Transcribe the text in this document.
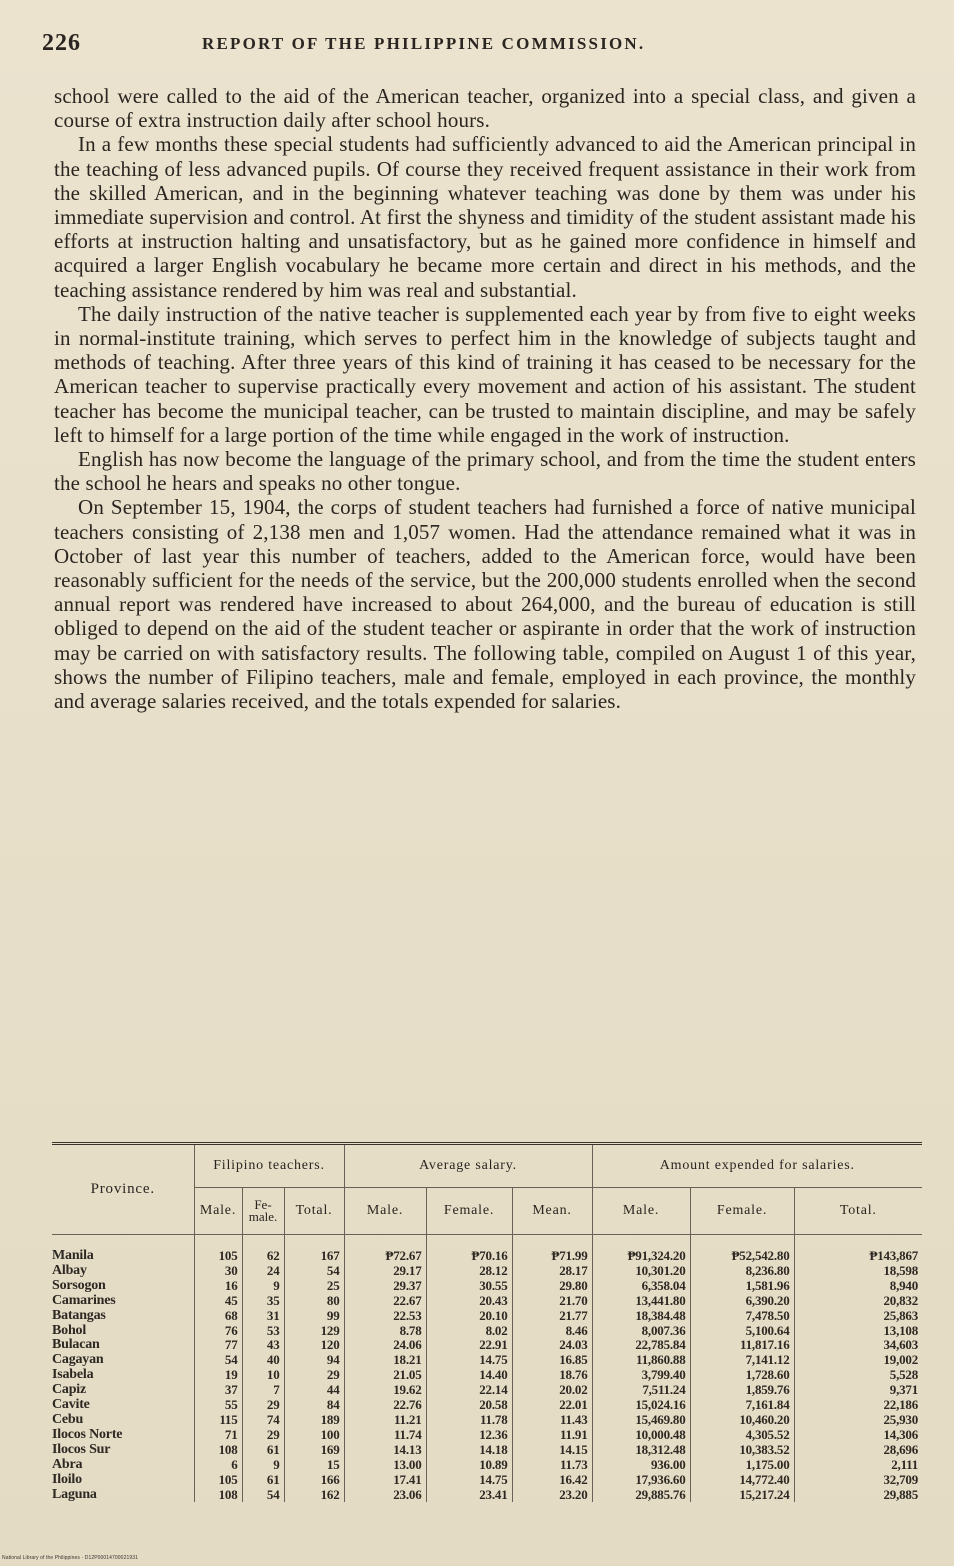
226	REPORT OF THE PHILIPPINE COMMISSION.

school were called to the aid of the American teacher, organized into a special class, and given a course of extra instruction daily after school hours.

In a few months these special students had sufficiently advanced to aid the American principal in the teaching of less advanced pupils. Of course they received frequent assistance in their work from the skilled American, and in the beginning whatever teaching was done by them was under his immediate supervision and control. At first the shyness and timidity of the student assistant made his efforts at instruction halting and unsatisfactory, but as he gained more confidence in himself and acquired a larger English vocabulary he became more certain and direct in his methods, and the teaching assistance rendered by him was real and substantial.

The daily instruction of the native teacher is supplemented each year by from five to eight weeks in normal-institute training, which serves to perfect him in the knowledge of subjects taught and methods of teaching. After three years of this kind of training it has ceased to be necessary for the American teacher to supervise practically every movement and action of his assistant. The student teacher has become the municipal teacher, can be trusted to maintain discipline, and may be safely left to himself for a large portion of the time while engaged in the work of instruction.

English has now become the language of the primary school, and from the time the student enters the school he hears and speaks no other tongue.

On September 15, 1904, the corps of student teachers had furnished a force of native municipal teachers consisting of 2,138 men and 1,057 women. Had the attendance remained what it was in October of last year this number of teachers, added to the American force, would have been reasonably sufficient for the needs of the service, but the 200,000 students enrolled when the second annual report was rendered have increased to about 264,000, and the bureau of education is still obliged to depend on the aid of the student teacher or aspirante in order that the work of instruction may be carried on with satisfactory results. The following table, compiled on August 1 of this year, shows the number of Filipino teachers, male and female, employed in each province, the monthly and average salaries received, and the totals expended for salaries.

Province.	Filipino teachers.			Average salary.			Amount expended for salaries.		
	Male.	Fe-male.	Total.	Male.	Female.	Mean.	Male.	Female.	Total.
Manila	105	62	167	₱72.67	₱70.16	₱71.99	₱91,324.20	₱52,542.80	₱143,867
Albay	30	24	54	29.17	28.12	28.17	10,301.20	8,236.80	18,598
Sorsogon	16	9	25	29.37	30.55	29.80	6,358.04	1,581.96	8,940
Camarines	45	35	80	22.67	20.43	21.70	13,441.80	6,390.20	20,832
Batangas	68	31	99	22.53	20.10	21.77	18,384.48	7,478.50	25,863
Bohol	76	53	129	8.78	8.02	8.46	8,007.36	5,100.64	13,108
Bulacan	77	43	120	24.06	22.91	24.03	22,785.84	11,817.16	34,603
Cagayan	54	40	94	18.21	14.75	16.85	11,860.88	7,141.12	19,002
Isabela	19	10	29	21.05	14.40	18.76	3,799.40	1,728.60	5,528
Capiz	37	7	44	19.62	22.14	20.02	7,511.24	1,859.76	9,371
Cavite	55	29	84	22.76	20.58	22.01	15,024.16	7,161.84	22,186
Cebu	115	74	189	11.21	11.78	11.43	15,469.80	10,460.20	25,930
Ilocos Norte	71	29	100	11.74	12.36	11.91	10,000.48	4,305.52	14,306
Ilocos Sur	108	61	169	14.13	14.18	14.15	18,312.48	10,383.52	28,696
Abra	6	9	15	13.00	10.89	11.73	936.00	1,175.00	2,111
Iloilo	105	61	166	17.41	14.75	16.42	17,936.60	14,772.40	32,709
Laguna	108	54	162	23.06	23.41	23.20	29,885.76	15,217.24	29,885
National Library of the Philippines · D12P00014700021931
